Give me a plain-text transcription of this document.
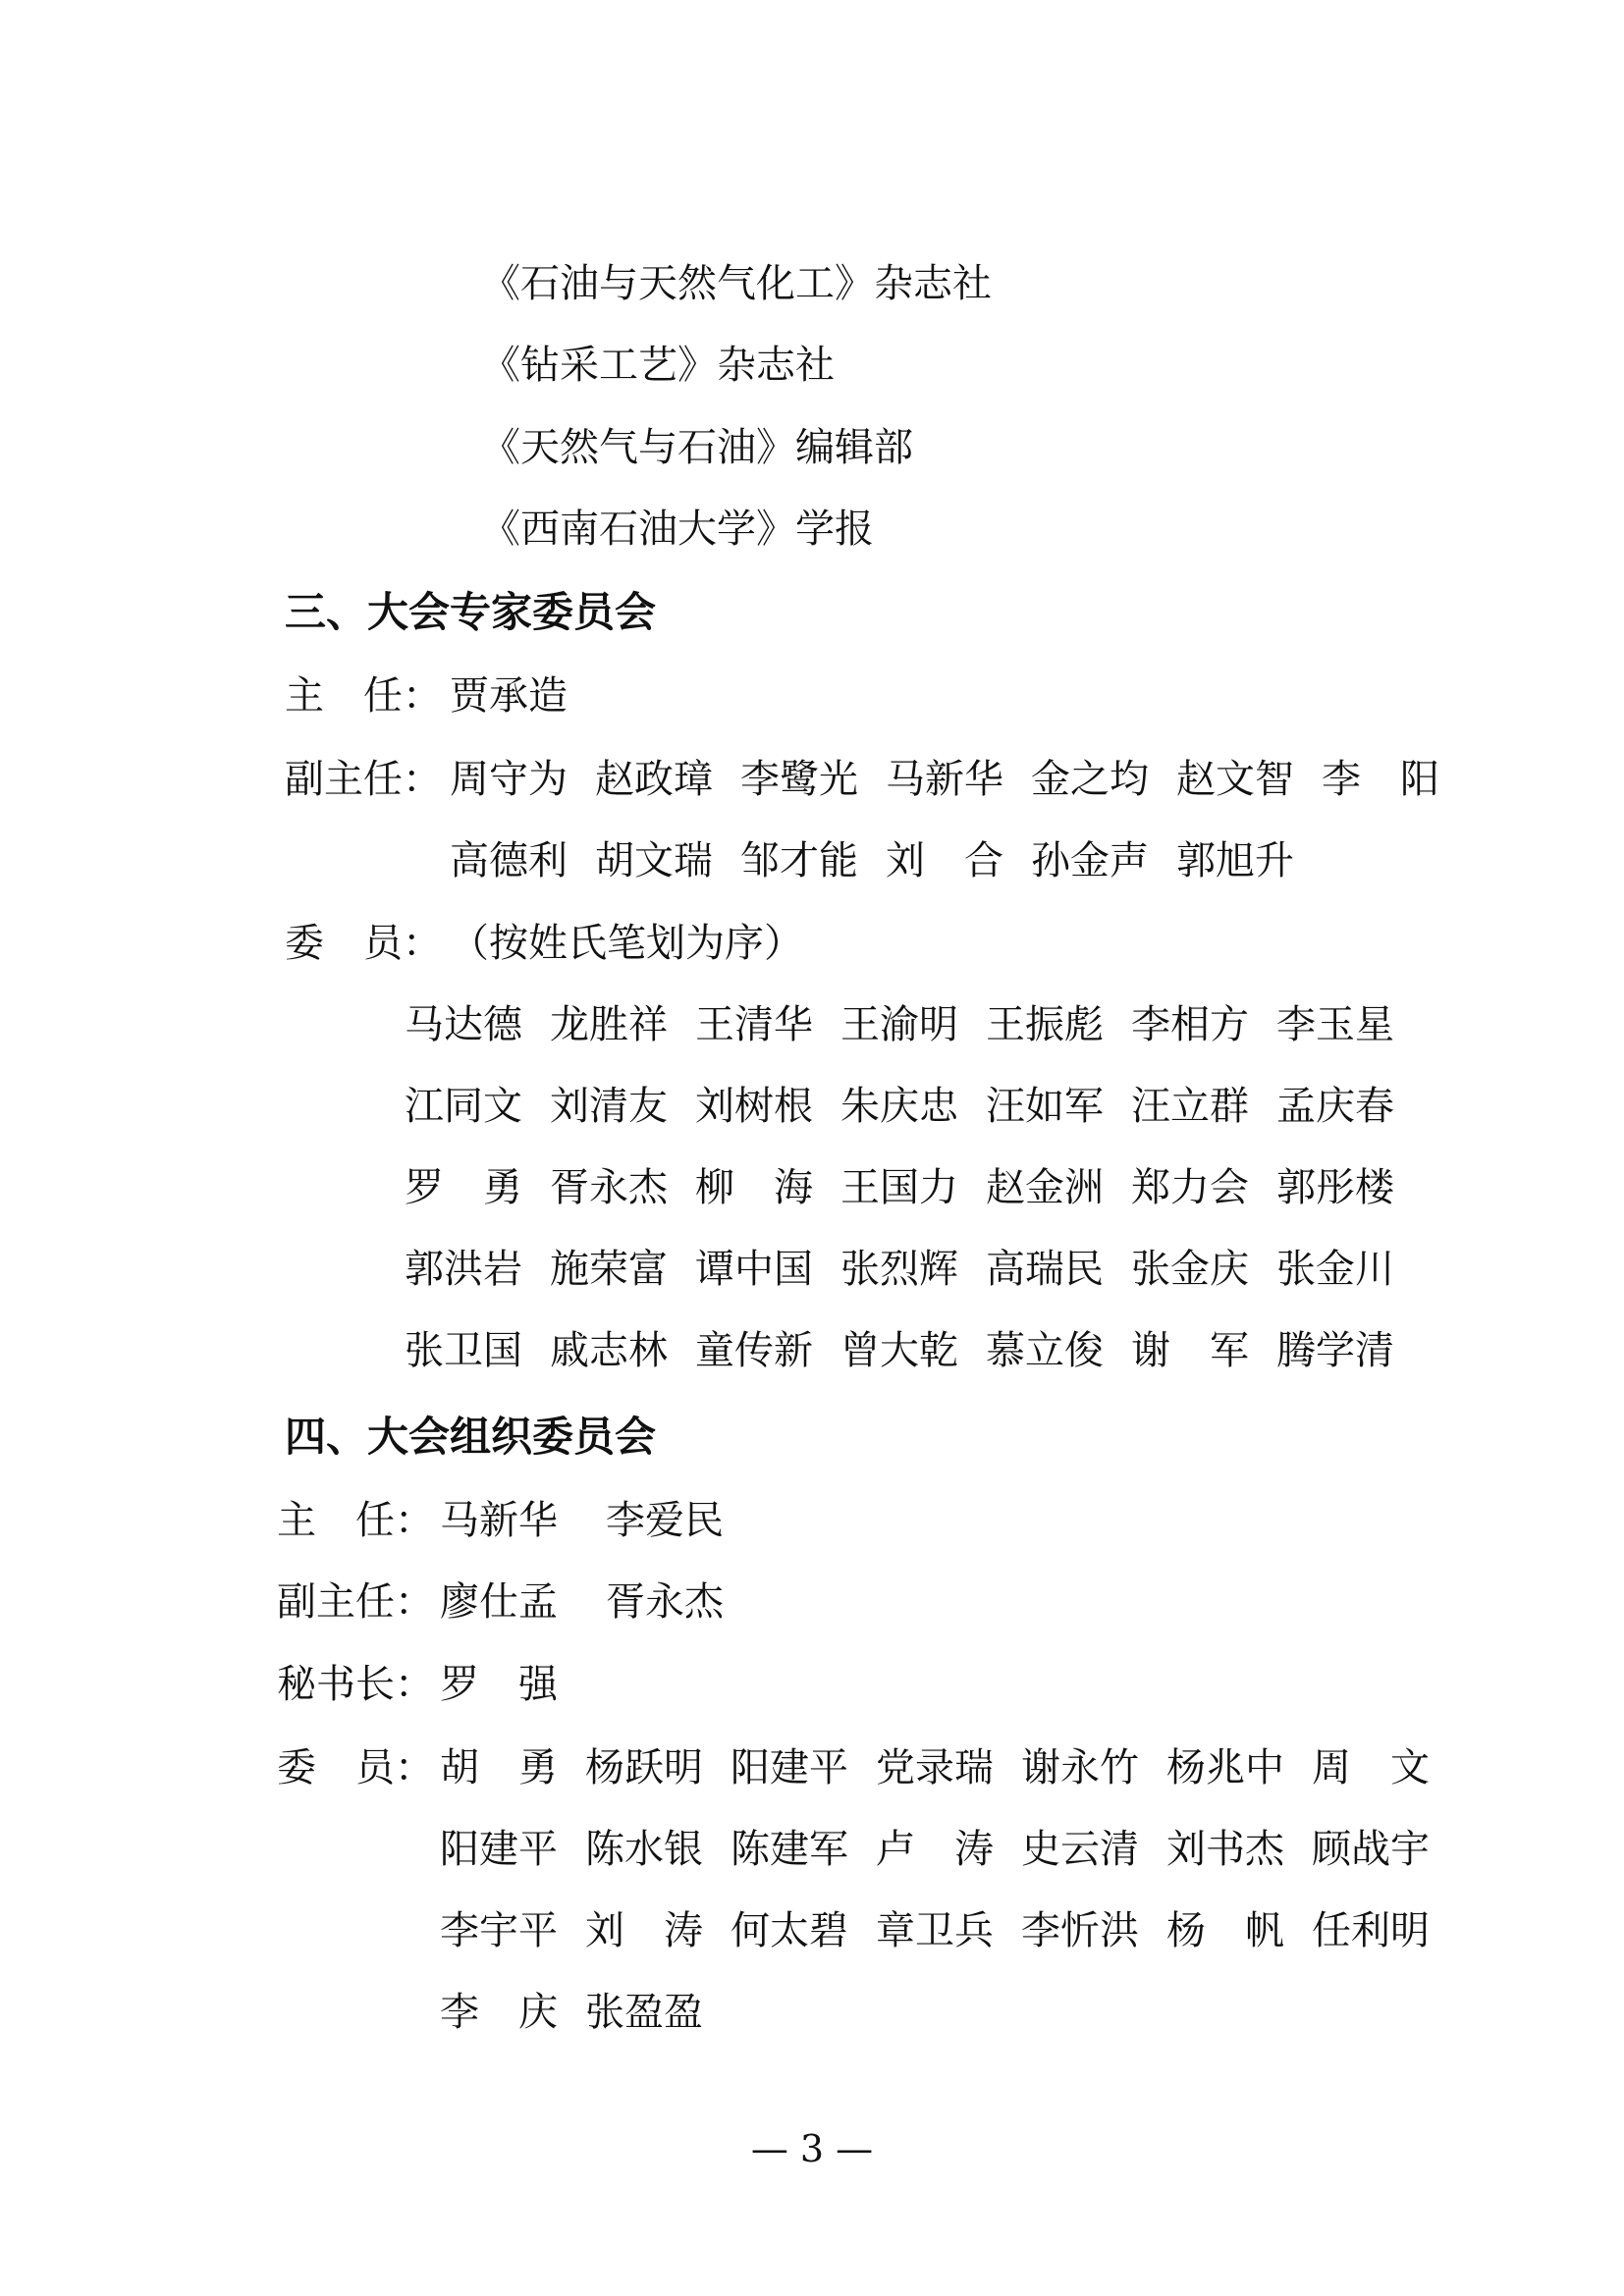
《石油与天然气化工》杂志社
《钻采工艺》杂志社
《天然气与石油》编辑部
《西南石油大学》学报
三、大会专家委员会
主　任： 贾承造
副主任： 周守为 赵政璋 李鹭光 马新华 金之均 赵文智 李　阳
高德利 胡文瑞 邹才能 刘　合 孙金声 郭旭升
委　员： （按姓氏笔划为序）
马达德 龙胜祥 王清华 王渝明 王振彪 李相方 李玉星
江同文 刘清友 刘树根 朱庆忠 汪如军 汪立群 孟庆春
罗　勇 胥永杰 柳　海 王国力 赵金洲 郑力会 郭彤楼
郭洪岩 施荣富 谭中国 张烈辉 高瑞民 张金庆 张金川
张卫国 戚志林 童传新 曾大乾 慕立俊 谢　军 腾学清
四、大会组织委员会
主　任： 马新华 李爱民
副主任： 廖仕孟 胥永杰
秘书长： 罗　强
委　员： 胡　勇 杨跃明 阳建平 党录瑞 谢永竹 杨兆中 周　文
阳建平 陈水银 陈建军 卢　涛 史云清 刘书杰 顾战宇
李宇平 刘　涛 何太碧 章卫兵 李忻洪 杨　帆 任利明
李　庆 张盈盈
— 3 —
